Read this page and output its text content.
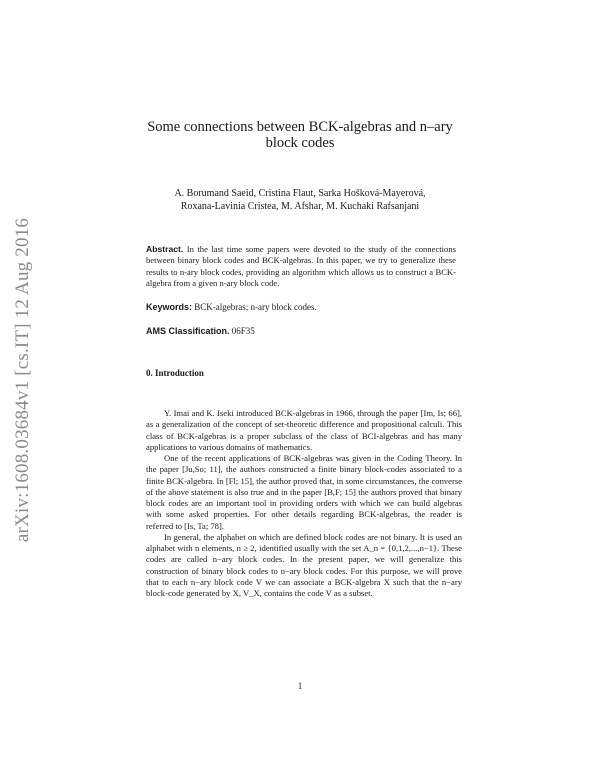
arXiv:1608.03684v1 [cs.IT] 12 Aug 2016
Some connections between BCK-algebras and n–ary
block codes
A. Borumand Saeid, Cristina Flaut, Sarka Hošková-Mayerová,
Roxana-Lavinia Cristea, M. Afshar, M. Kuchaki Rafsanjani
Abstract. In the last time some papers were devoted to the study of the connections between binary block codes and BCK-algebras. In this paper, we try to generalize these results to n-ary block codes, providing an algorithm which allows us to construct a BCK-algebra from a given n-ary block code.
Keywords: BCK-algebras; n-ary block codes.
AMS Classification. 06F35
0. Introduction

Y. Imai and K. Iseki introduced BCK-algebras in 1966, through the paper [Im, Is; 66], as a generalization of the concept of set-theoretic difference and propositional calculi. This class of BCK-algebras is a proper subclass of the class of BCI-algebras and has many applications to various domains of mathematics.

One of the recent applications of BCK-algebras was given in the Coding Theory. In the paper [Ju,So; 11], the authors constructed a finite binary block-codes associated to a finite BCK-algebra. In [Fl; 15], the author proved that, in some circumstances, the converse of the above statement is also true and in the paper [B,F; 15] the authors proved that binary block codes are an important tool in providing orders with which we can build algebras with some asked properties. For other details regarding BCK-algebras, the reader is referred to [Is, Ta; 78].

In general, the alphabet on which are defined block codes are not binary. It is used an alphabet with n elements, n ≥ 2, identified usually with the set A_n = {0,1,2,...,n−1}. These codes are called n−ary block codes. In the present paper, we will generalize this construction of binary block codes to n−ary block codes. For this purpose, we will prove that to each n−ary block code V we can associate a BCK-algebra X such that the n−ary block-code generated by X, V_X, contains the code V as a subset.

1
